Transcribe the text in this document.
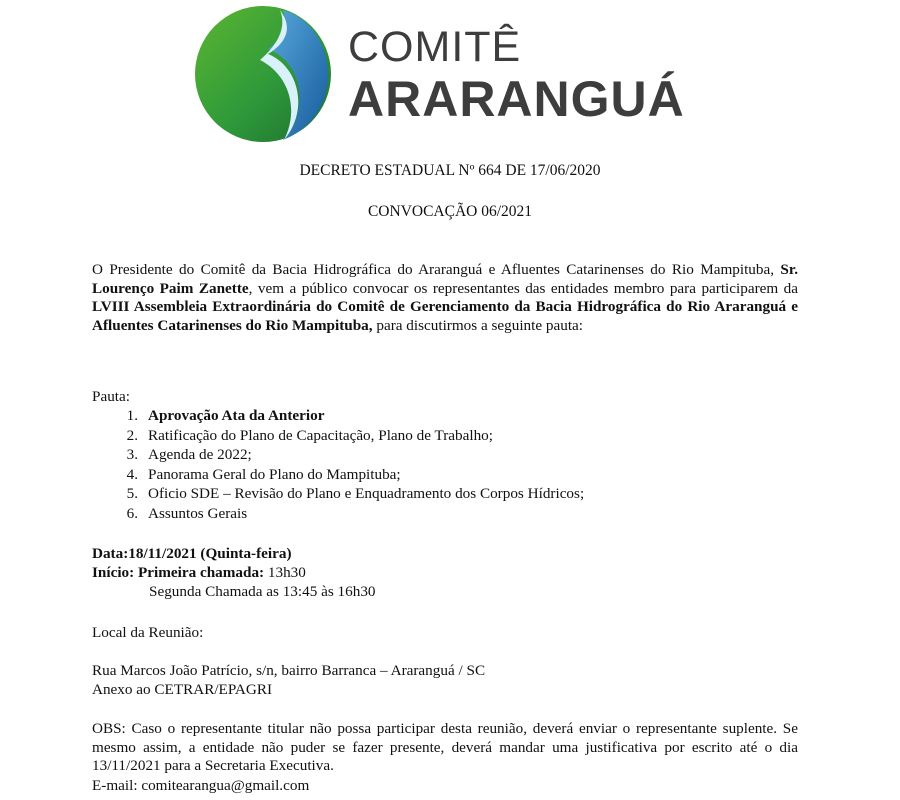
COMITÊ
ARARANGUÁ
DECRETO ESTADUAL Nº 664 DE 17/06/2020
CONVOCAÇÃO 06/2021
O Presidente do Comitê da Bacia Hidrográfica do Araranguá e Afluentes Catarinenses do Rio Mampituba, Sr. Lourenço Paim Zanette, vem a público convocar os representantes das entidades membro para participarem da LVIII Assembleia Extraordinária do Comitê de Gerenciamento da Bacia Hidrográfica do Rio Araranguá e Afluentes Catarinenses do Rio Mampituba, para discutirmos a seguinte pauta:
Pauta:
1. Aprovação Ata da Anterior
2. Ratificação do Plano de Capacitação, Plano de Trabalho;
3. Agenda de 2022;
4. Panorama Geral do Plano do Mampituba;
5. Oficio SDE – Revisão do Plano e Enquadramento dos Corpos Hídricos;
6. Assuntos Gerais
Data:18/11/2021 (Quinta-feira)
Início: Primeira chamada: 13h30
Segunda Chamada as 13:45 às 16h30
Local da Reunião:
Rua Marcos João Patrício, s/n, bairro Barranca – Araranguá / SC
Anexo ao CETRAR/EPAGRI
OBS: Caso o representante titular não possa participar desta reunião, deverá enviar o representante suplente. Se mesmo assim, a entidade não puder se fazer presente, deverá mandar uma justificativa por escrito até o dia 13/11/2021 para a Secretaria Executiva.
E-mail: comitearangua@gmail.com
